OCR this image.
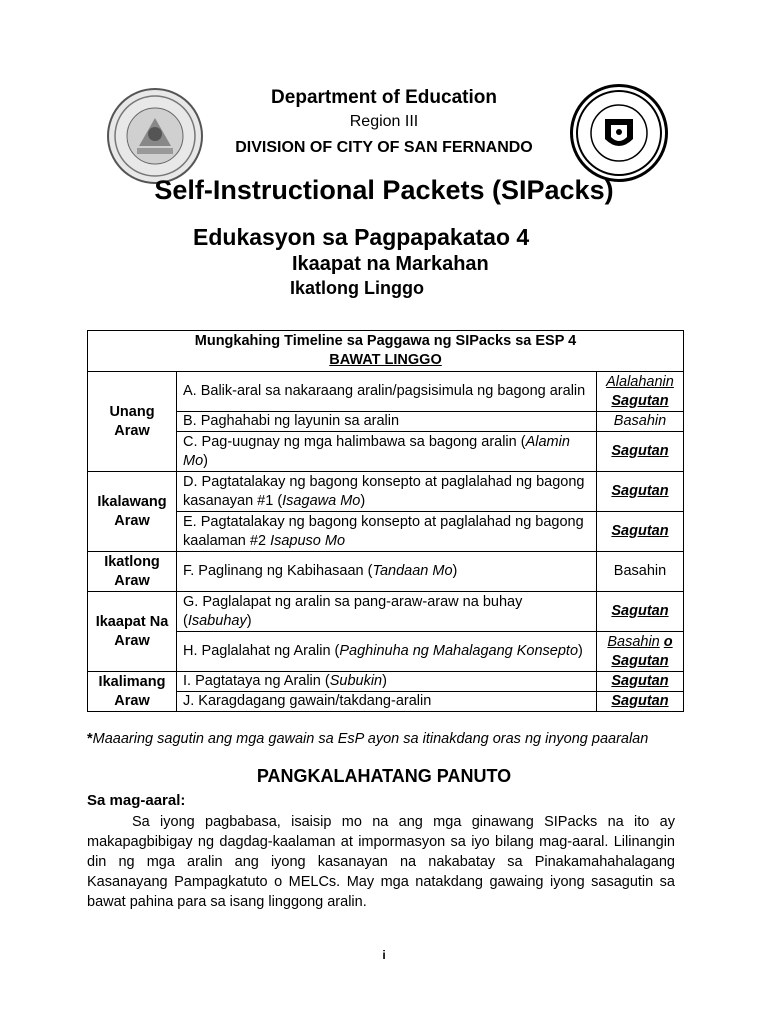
Department of Education
Region III
DIVISION OF CITY OF SAN FERNANDO
Self-Instructional Packets (SIPacks)
Edukasyon sa Pagpapakatao 4
Ikaapat na Markahan
Ikatlong Linggo
Mungkahing Timeline sa Paggawa ng SIPacks sa ESP 4
BAWAT LINGGO		

Unang Araw	A. Balik-aral sa nakaraang aralin/pagsisimula ng bagong aralin	Alalahanin
Sagutan

	B. Paghahabi ng layunin sa aralin	Basahin
	C. Pag-uugnay ng mga halimbawa sa bagong aralin (Alamin Mo)	Sagutan
Ikalawang Araw	D. Pagtatalakay ng bagong konsepto at paglalahad ng bagong kasanayan #1 (Isagawa Mo)	Sagutan
	E. Pagtatalakay ng bagong konsepto at paglalahad ng bagong kaalaman #2 Isapuso Mo	Sagutan
Ikatlong Araw	F. Paglinang ng Kabihasaan (Tandaan Mo)	Basahin
Ikaapat Na Araw	G. Paglalapat ng aralin sa pang-araw-araw na buhay (Isabuhay)	Sagutan
	H. Paglalahat ng Aralin (Paghinuha ng Mahalagang Konsepto)	Basahin o
Sagutan

Ikalimang Araw	I. Pagtataya ng Aralin (Subukin)	Sagutan
	J. Karagdagang gawain/takdang-aralin	Sagutan
*Maaaring sagutin ang mga gawain sa EsP ayon sa itinakdang oras ng inyong paaralan
PANGKALAHATANG PANUTO
Sa mag-aaral:
Sa iyong pagbabasa, isaisip mo na ang mga ginawang SIPacks na ito ay makapagbibigay ng dagdag-kaalaman at impormasyon sa iyo bilang mag-aaral. Lilinangin din ng mga aralin ang iyong kasanayan na nakabatay sa Pinakamahahalagang Kasanayang Pampagkatuto o MELCs. May mga natakdang gawaing iyong sasagutin sa bawat pahina para sa isang linggong aralin.
i
